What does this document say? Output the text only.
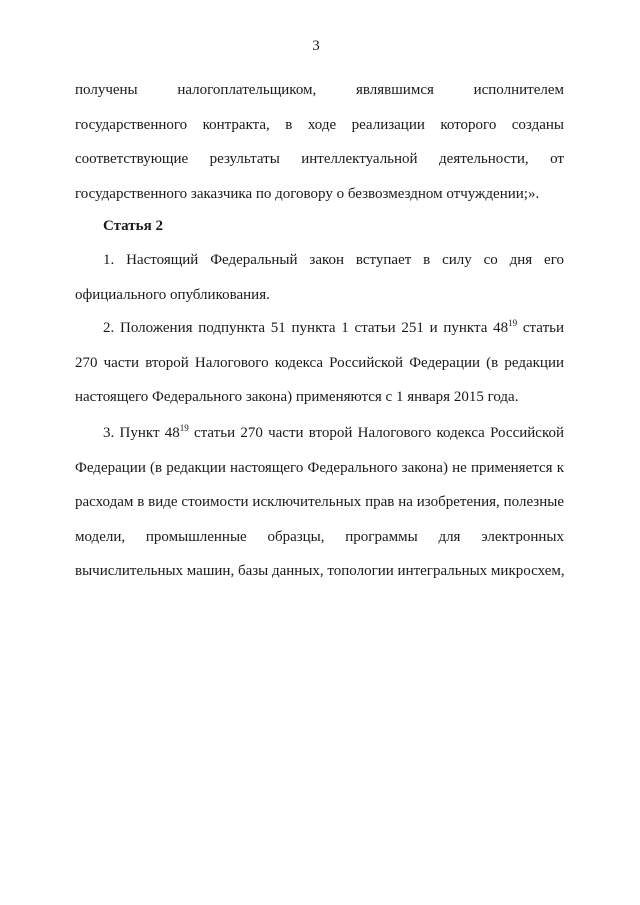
3
получены налогоплательщиком, являвшимся исполнителем
государственного контракта, в ходе реализации которого созданы
соответствующие результаты интеллектуальной деятельности, от
государственного заказчика по договору о безвозмездном отчуждении;».
Статья 2
1. Настоящий Федеральный закон вступает в силу со дня его
официального опубликования.
2. Положения подпункта 51 пункта 1 статьи 251 и пункта $48^{19}$ статьи
270 части второй Налогового кодекса Российской Федерации (в редакции
настоящего Федерального закона) применяются с 1 января 2015 года.
3. Пункт $48^{19}$ статьи 270 части второй Налогового кодекса Российской
Федерации (в редакции настоящего Федерального закона) не применяется к
расходам в виде стоимости исключительных прав на изобретения, полезные
модели, промышленные образцы, программы для электронных
вычислительных машин, базы данных, топологии интегральных микросхем,
